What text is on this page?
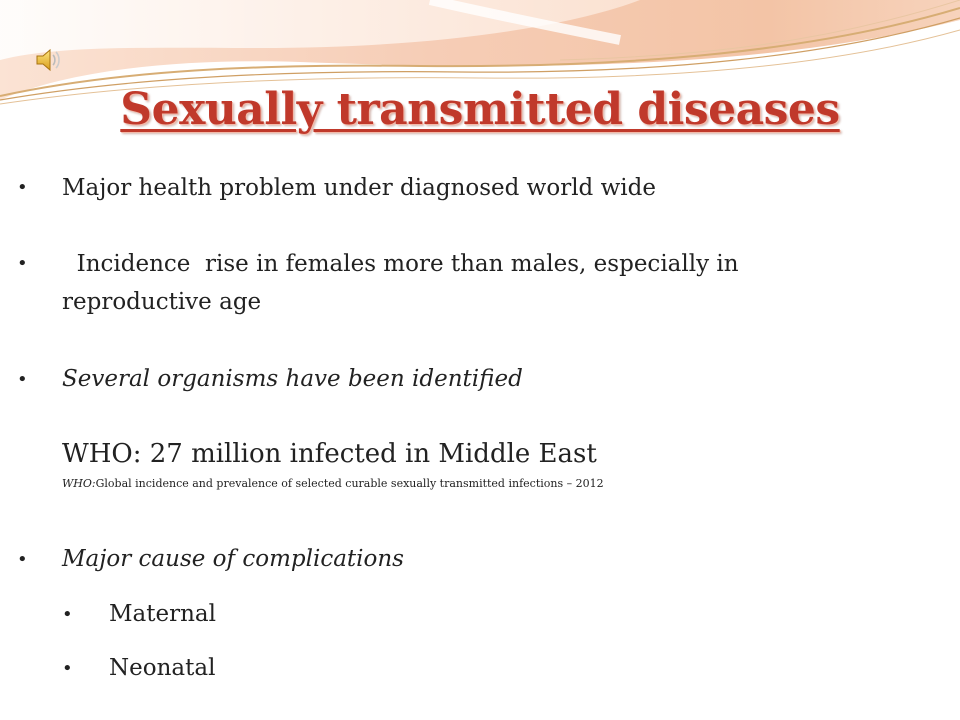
Sexually transmitted diseases
• Major health problem under diagnosed world wide
• Incidence  rise in females more than males, especially in
reproductive age
• Several organisms have been identified
WHO: 27 million infected in Middle East
WHO:Global incidence and prevalence of selected curable sexually transmitted infections – 2012
• Major cause of complications
• Maternal
• Neonatal
